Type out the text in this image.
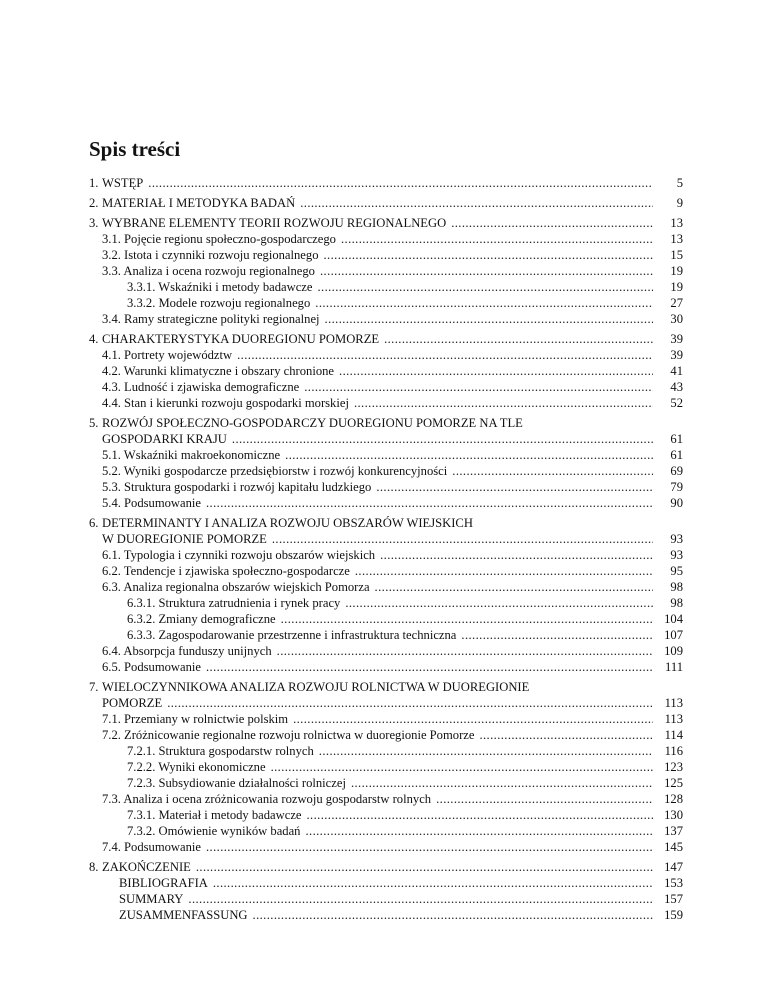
Spis treści
1. WSTĘP .....	5
2. MATERIAŁ I METODYKA BADAŃ .....	9
3. WYBRANE ELEMENTY TEORII ROZWOJU REGIONALNEGO .....	13
3.1. Pojęcie regionu społeczno-gospodarczego .....	13
3.2. Istota i czynniki rozwoju regionalnego .....	15
3.3. Analiza i ocena rozwoju regionalnego .....	19
3.3.1. Wskaźniki i metody badawcze .....	19
3.3.2. Modele rozwoju regionalnego .....	27
3.4. Ramy strategiczne polityki regionalnej .....	30
4. CHARAKTERYSTYKA DUOREGIONU POMORZE .....	39
4.1. Portrety województw .....	39
4.2. Warunki klimatyczne i obszary chronione .....	41
4.3. Ludność i zjawiska demograficzne .....	43
4.4. Stan i kierunki rozwoju gospodarki morskiej .....	52
5. ROZWÓJ SPOŁECZNO-GOSPODARCZY DUOREGIONU POMORZE NA TLE
GOSPODARKI KRAJU .....	61
5.1. Wskaźniki makroekonomiczne .....	61
5.2. Wyniki gospodarcze przedsiębiorstw i rozwój konkurencyjności .....	69
5.3. Struktura gospodarki i rozwój kapitału ludzkiego .....	79
5.4. Podsumowanie .....	90
6. DETERMINANTY I ANALIZA ROZWOJU OBSZARÓW WIEJSKICH
W DUOREGIONIE POMORZE .....	93
6.1. Typologia i czynniki rozwoju obszarów wiejskich .....	93
6.2. Tendencje i zjawiska społeczno-gospodarcze .....	95
6.3. Analiza regionalna obszarów wiejskich Pomorza .....	98
6.3.1. Struktura zatrudnienia i rynek pracy .....	98
6.3.2. Zmiany demograficzne .....	104
6.3.3. Zagospodarowanie przestrzenne i infrastruktura techniczna .....	107
6.4. Absorpcja funduszy unijnych .....	109
6.5. Podsumowanie .....	111
7. WIELOCZYNNIKOWA ANALIZA ROZWOJU ROLNICTWA W DUOREGIONIE
POMORZE .....	113
7.1. Przemiany w rolnictwie polskim .....	113
7.2. Zróżnicowanie regionalne rozwoju rolnictwa w duoregionie Pomorze .....	114
7.2.1. Struktura gospodarstw rolnych .....	116
7.2.2. Wyniki ekonomiczne .....	123
7.2.3. Subsydiowanie działalności rolniczej .....	125
7.3. Analiza i ocena zróżnicowania rozwoju gospodarstw rolnych .....	128
7.3.1. Materiał i metody badawcze .....	130
7.3.2. Omówienie wyników badań .....	137
7.4. Podsumowanie .....	145
8. ZAKOŃCZENIE .....	147
BIBLIOGRAFIA .....	153
SUMMARY .....	157
ZUSAMMENFASSUNG .....	159
